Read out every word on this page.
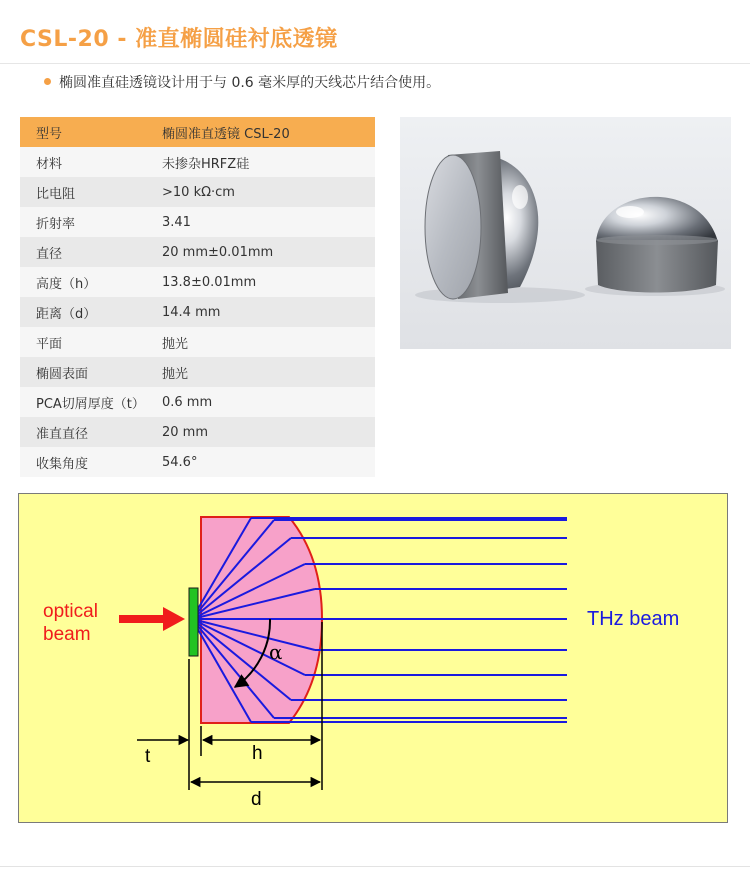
CSL-20 - 准直椭圆硅衬底透镜
椭圆准直硅透镜设计用于与 0.6 毫米厚的天线芯片结合使用。
型号	椭圆准直透镜 CSL-20
材料	未掺杂HRFZ硅
比电阻	>10 kΩ·cm
折射率	3.41
直径	20 mm±0.01mm
高度（h）	13.8±0.01mm
距离（d）	14.4 mm
平面	抛光
椭圆表面	抛光
PCA切屑厚度（t）	0.6 mm
准直直径	20 mm
收集角度	54.6°
optical
beam
THz beam
α
t	h
d
